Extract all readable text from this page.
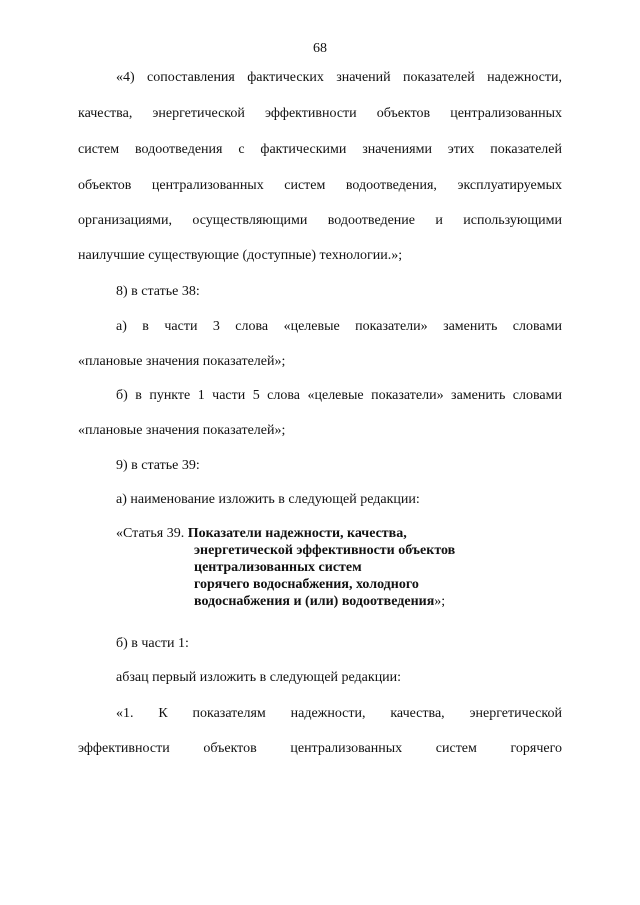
68
«4) сопоставления фактических значений показателей надежности,
качества, энергетической эффективности объектов централизованных
систем водоотведения с фактическими значениями этих показателей
объектов централизованных систем водоотведения, эксплуатируемых
организациями, осуществляющими водоотведение и использующими
наилучшие существующие (доступные) технологии.»;
8) в статье 38:
а) в части 3 слова «целевые показатели» заменить словами
«плановые значения показателей»;
б) в пункте 1 части 5 слова «целевые показатели» заменить словами
«плановые значения показателей»;
9) в статье 39:
а) наименование изложить в следующей редакции:
«Статья 39. Показатели надежности, качества,
энергетической эффективности объектов
централизованных систем
горячего водоснабжения, холодного
водоснабжения и (или) водоотведения»;
б) в части 1:
абзац первый изложить в следующей редакции:
«1. К показателям надежности, качества, энергетической
эффективности объектов централизованных систем горячего
